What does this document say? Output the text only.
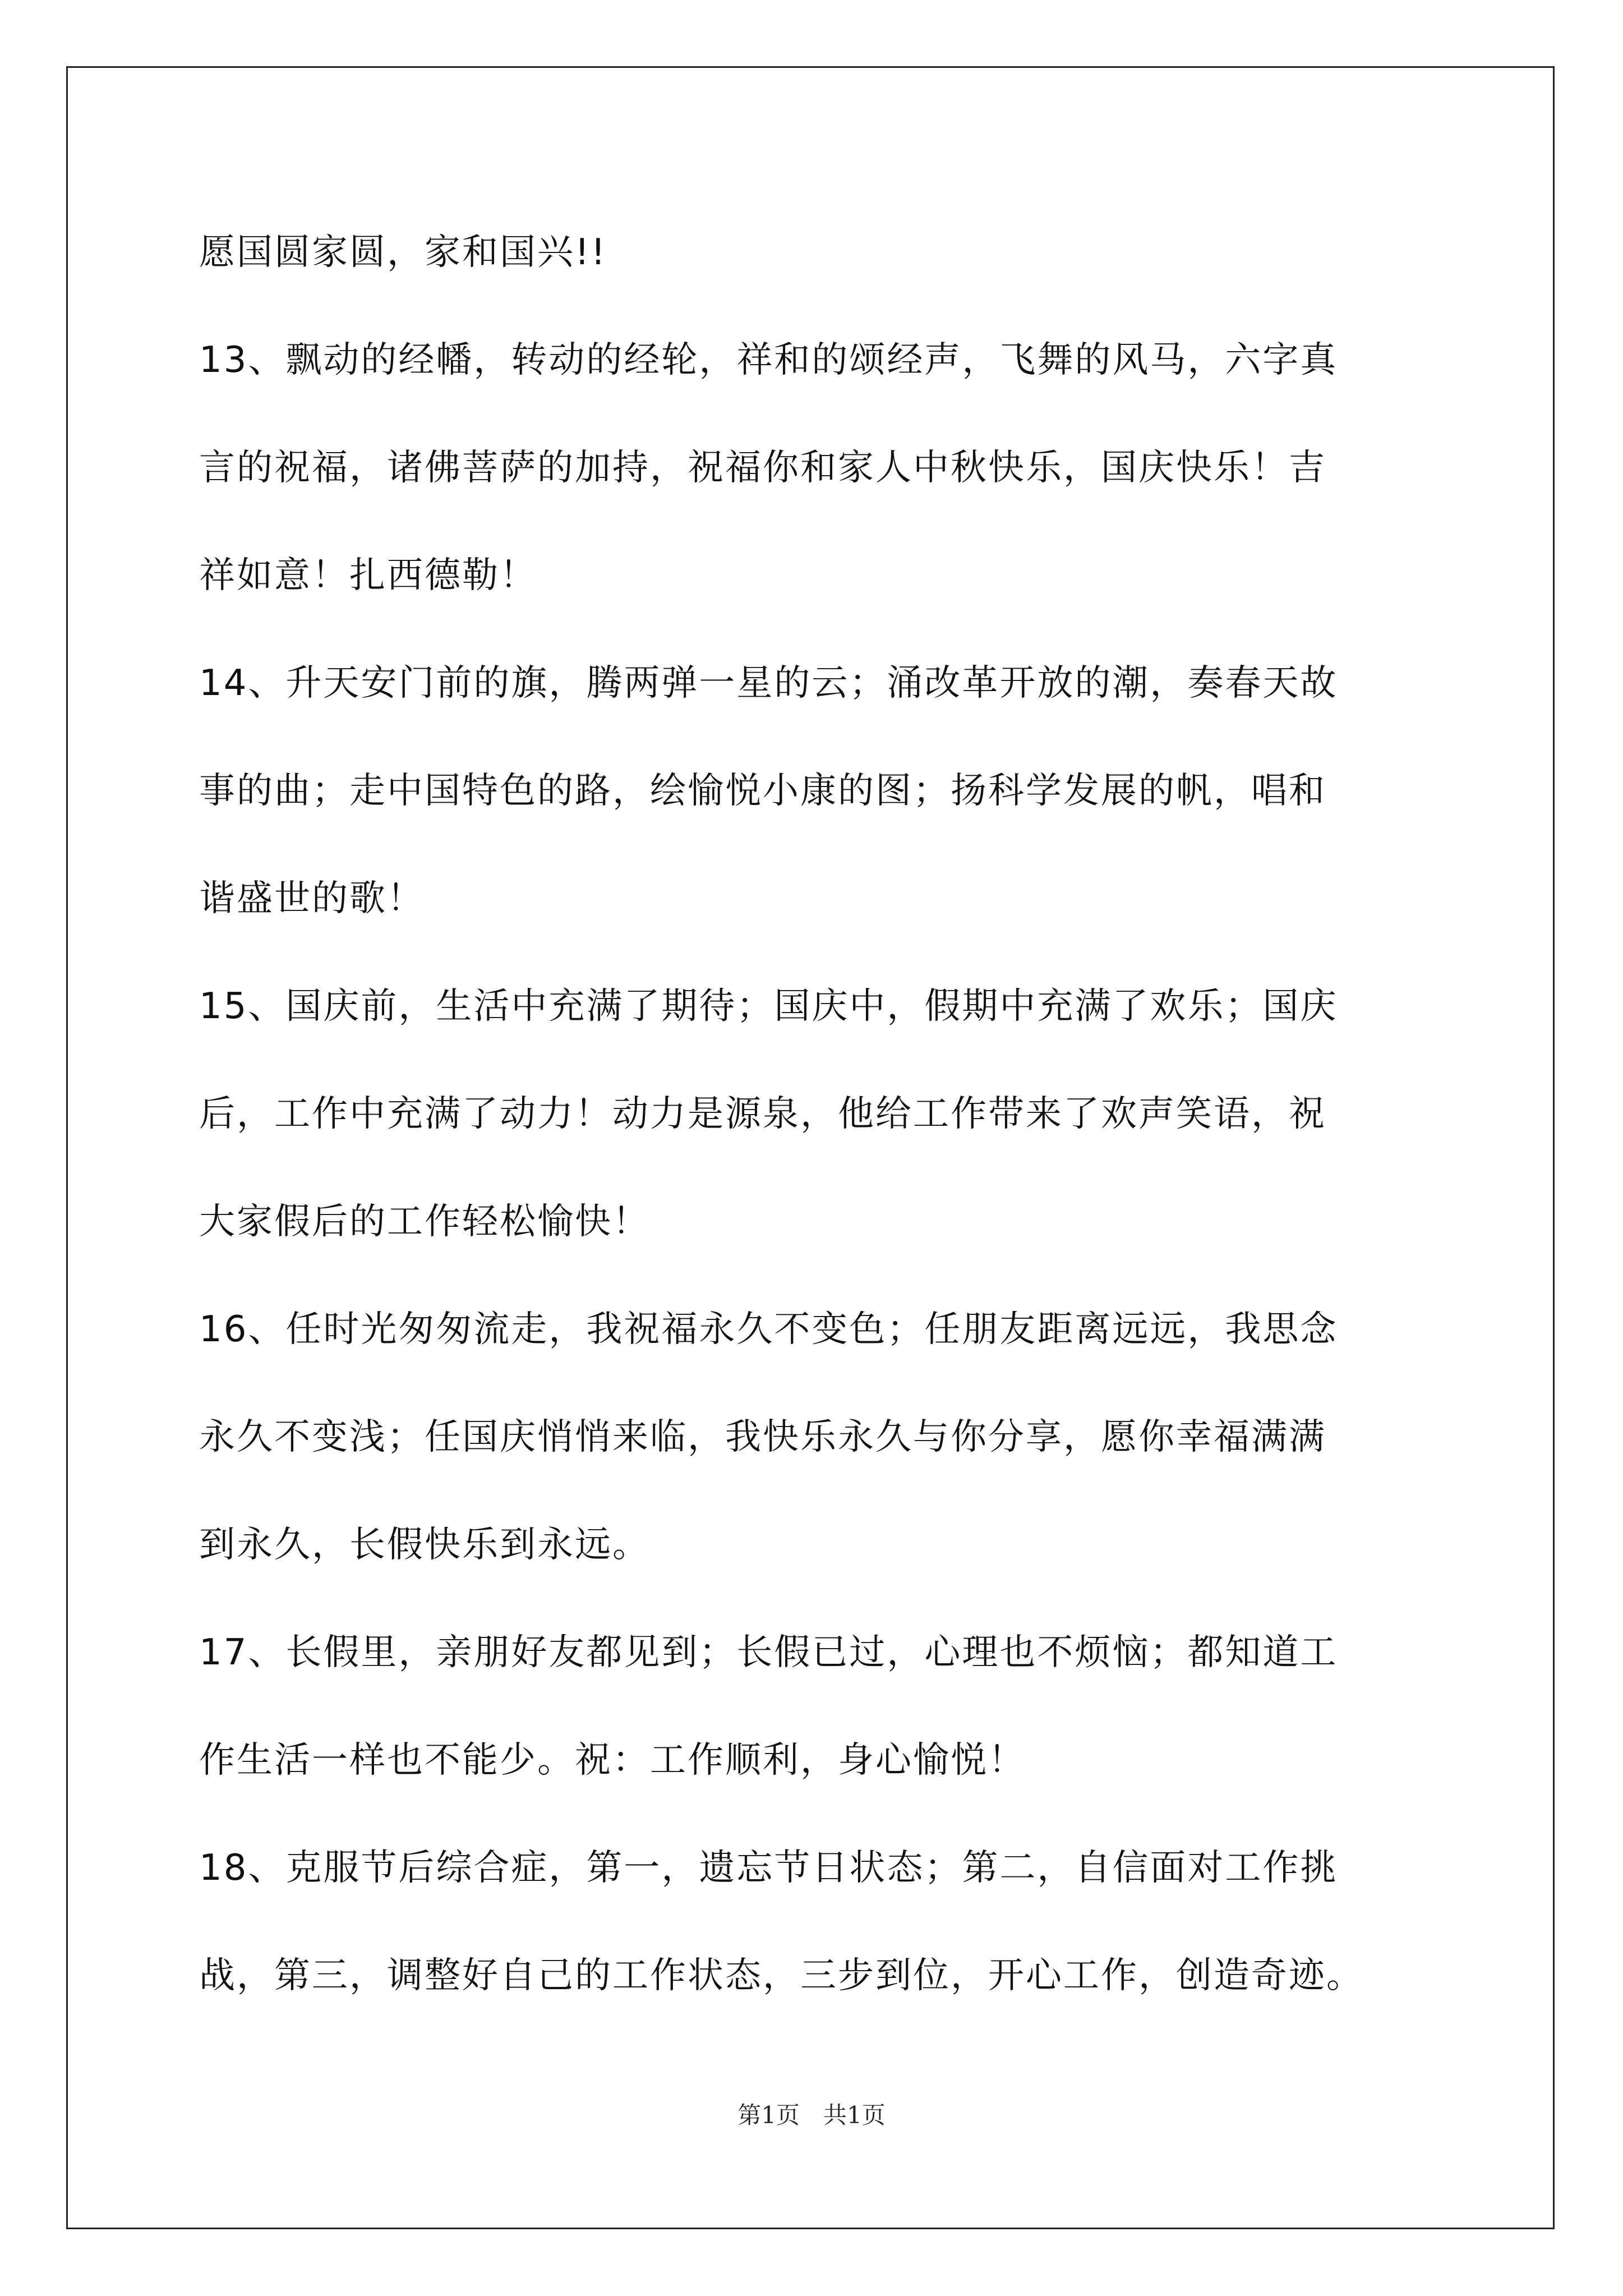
愿国圆家圆，家和国兴!!
13、飘动的经幡，转动的经轮，祥和的颂经声，飞舞的风马，六字真
言的祝福，诸佛菩萨的加持，祝福你和家人中秋快乐，国庆快乐！吉
祥如意！扎西德勒！
14、升天安门前的旗，腾两弹一星的云；涌改革开放的潮，奏春天故
事的曲；走中国特色的路，绘愉悦小康的图；扬科学发展的帆，唱和
谐盛世的歌！
15、国庆前，生活中充满了期待；国庆中，假期中充满了欢乐；国庆
后，工作中充满了动力！动力是源泉，他给工作带来了欢声笑语，祝
大家假后的工作轻松愉快！
16、任时光匆匆流走，我祝福永久不变色；任朋友距离远远，我思念
永久不变浅；任国庆悄悄来临，我快乐永久与你分享，愿你幸福满满
到永久，长假快乐到永远。
17、长假里，亲朋好友都见到；长假已过，心理也不烦恼；都知道工
作生活一样也不能少。祝：工作顺利，身心愉悦！
18、克服节后综合症，第一，遗忘节日状态；第二，自信面对工作挑
战，第三，调整好自己的工作状态，三步到位，开心工作，创造奇迹。
第1页　共1页
